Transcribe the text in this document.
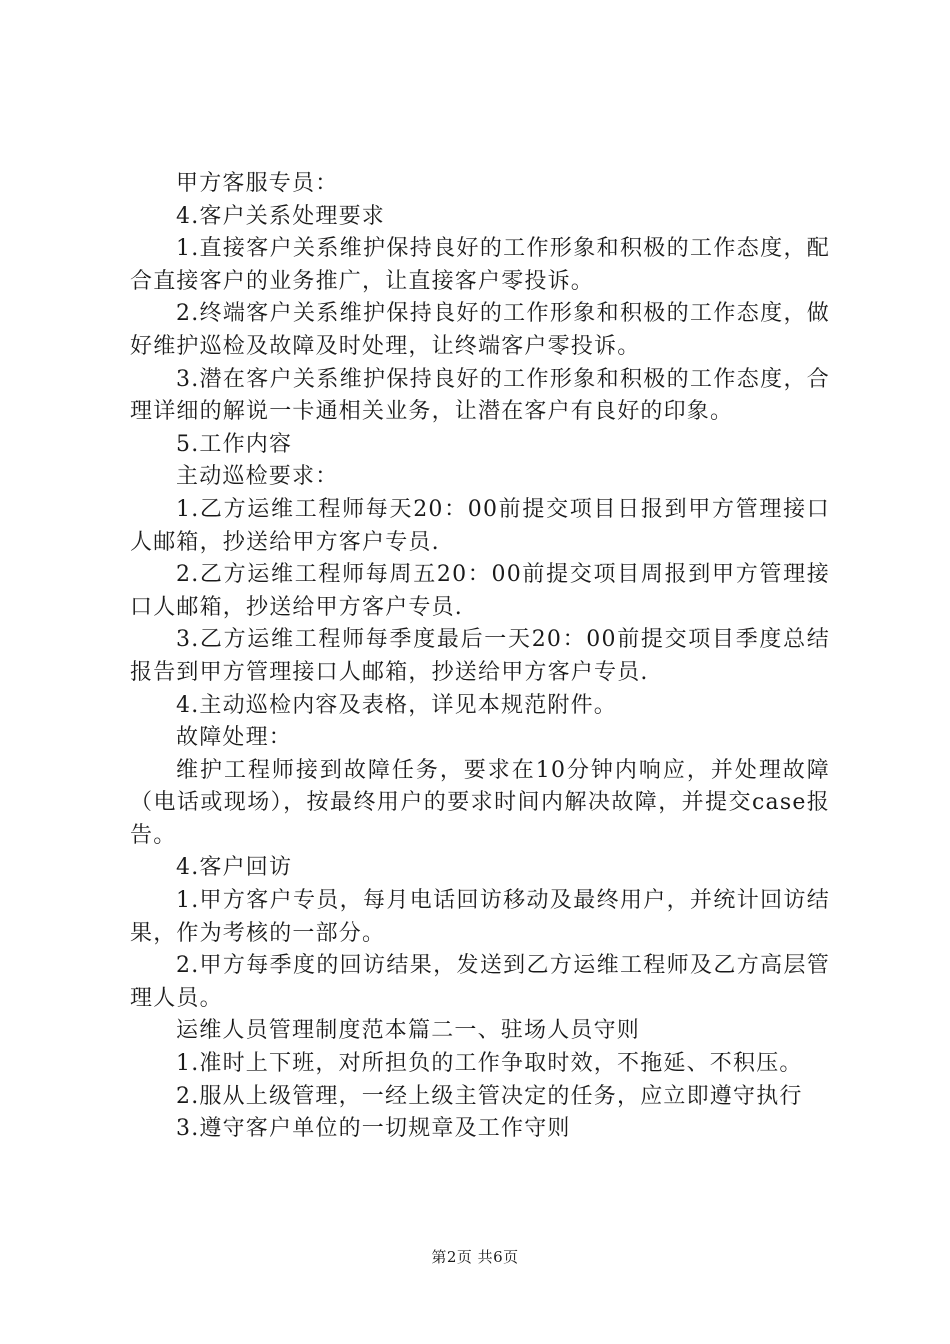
甲方客服专员：

4.客户关系处理要求

1.直接客户关系维护保持良好的工作形象和积极的工作态度，配合直接客户的业务推广，让直接客户零投诉。

2.终端客户关系维护保持良好的工作形象和积极的工作态度，做好维护巡检及故障及时处理，让终端客户零投诉。

3.潜在客户关系维护保持良好的工作形象和积极的工作态度，合理详细的解说一卡通相关业务，让潜在客户有良好的印象。

5.工作内容

主动巡检要求：

1.乙方运维工程师每天20：00前提交项目日报到甲方管理接口人邮箱，抄送给甲方客户专员.

2.乙方运维工程师每周五20：00前提交项目周报到甲方管理接口人邮箱，抄送给甲方客户专员.

3.乙方运维工程师每季度最后一天20：00前提交项目季度总结报告到甲方管理接口人邮箱，抄送给甲方客户专员.

4.主动巡检内容及表格，详见本规范附件。

故障处理：

维护工程师接到故障任务，要求在10分钟内响应，并处理故障（电话或现场），按最终用户的要求时间内解决故障，并提交case报告。

4.客户回访

1.甲方客户专员，每月电话回访移动及最终用户，并统计回访结果，作为考核的一部分。

2.甲方每季度的回访结果，发送到乙方运维工程师及乙方高层管理人员。

运维人员管理制度范本篇二一、驻场人员守则

1.准时上下班，对所担负的工作争取时效，不拖延、不积压。

2.服从上级管理，一经上级主管决定的任务，应立即遵守执行

3.遵守客户单位的一切规章及工作守则

第2页 共6页
